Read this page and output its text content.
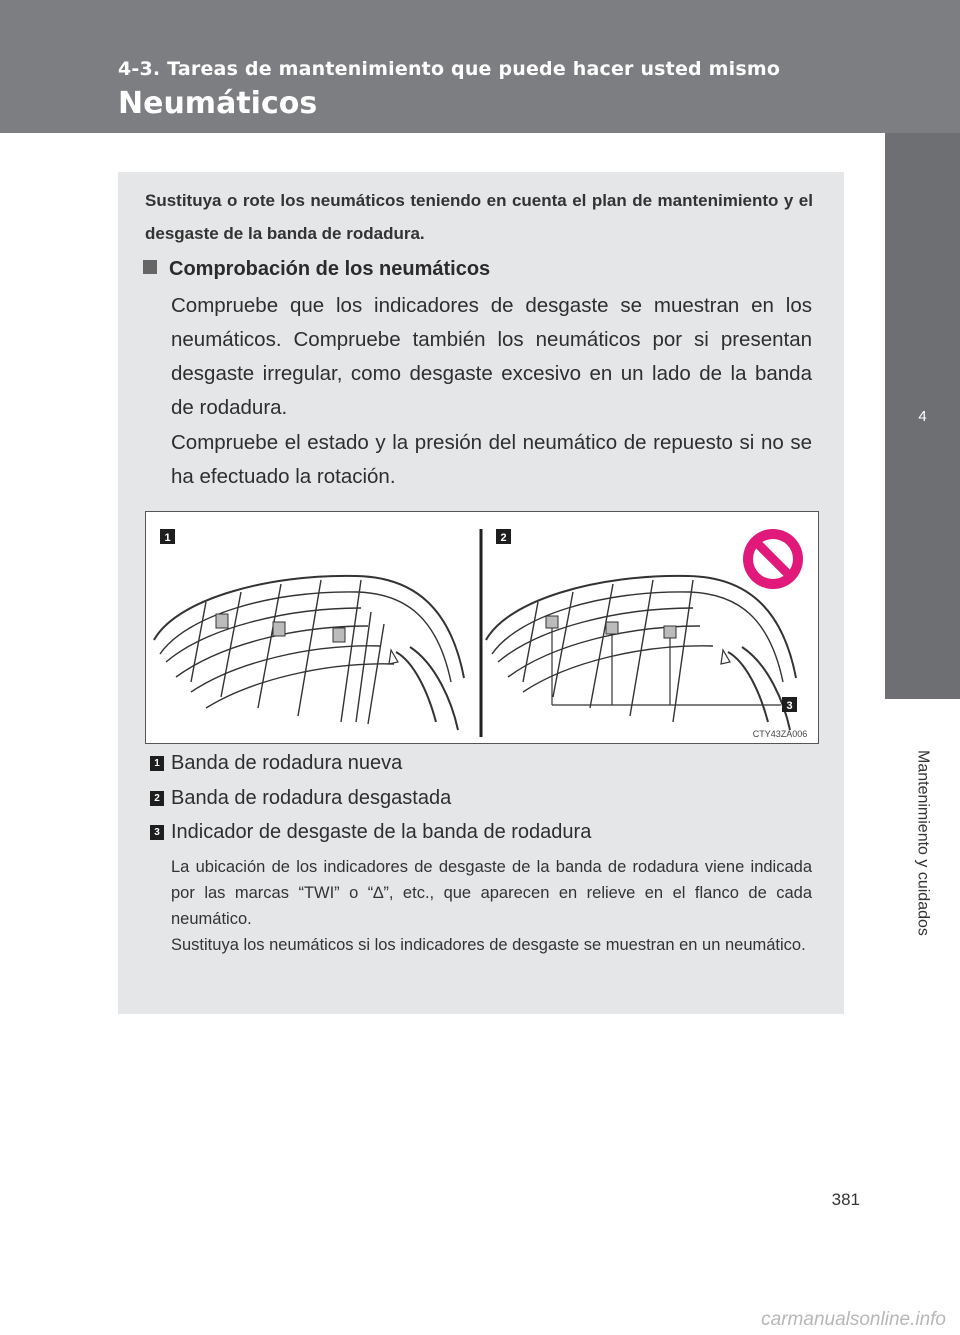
4-3. Tareas de mantenimiento que puede hacer usted mismo
Neumáticos
4
Mantenimiento y cuidados
Sustituya o rote los neumáticos teniendo en cuenta el plan de mantenimiento y el desgaste de la banda de rodadura.
Comprobación de los neumáticos
Compruebe que los indicadores de desgaste se muestran en los neumáticos. Compruebe también los neumáticos por si presentan desgaste irregular, como desgaste excesivo en un lado de la banda de rodadura.
Compruebe el estado y la presión del neumático de repuesto si no se ha efectuado la rotación.
1	2
3
CTY43ZA006
1 Banda de rodadura nueva
2 Banda de rodadura desgastada
3 Indicador de desgaste de la banda de rodadura
La ubicación de los indicadores de desgaste de la banda de rodadura viene indicada por las marcas “TWI” o “∆”, etc., que aparecen en relieve en el flanco de cada neumático.
Sustituya los neumáticos si los indicadores de desgaste se muestran en un neumático.
381
carmanualsonline.info
